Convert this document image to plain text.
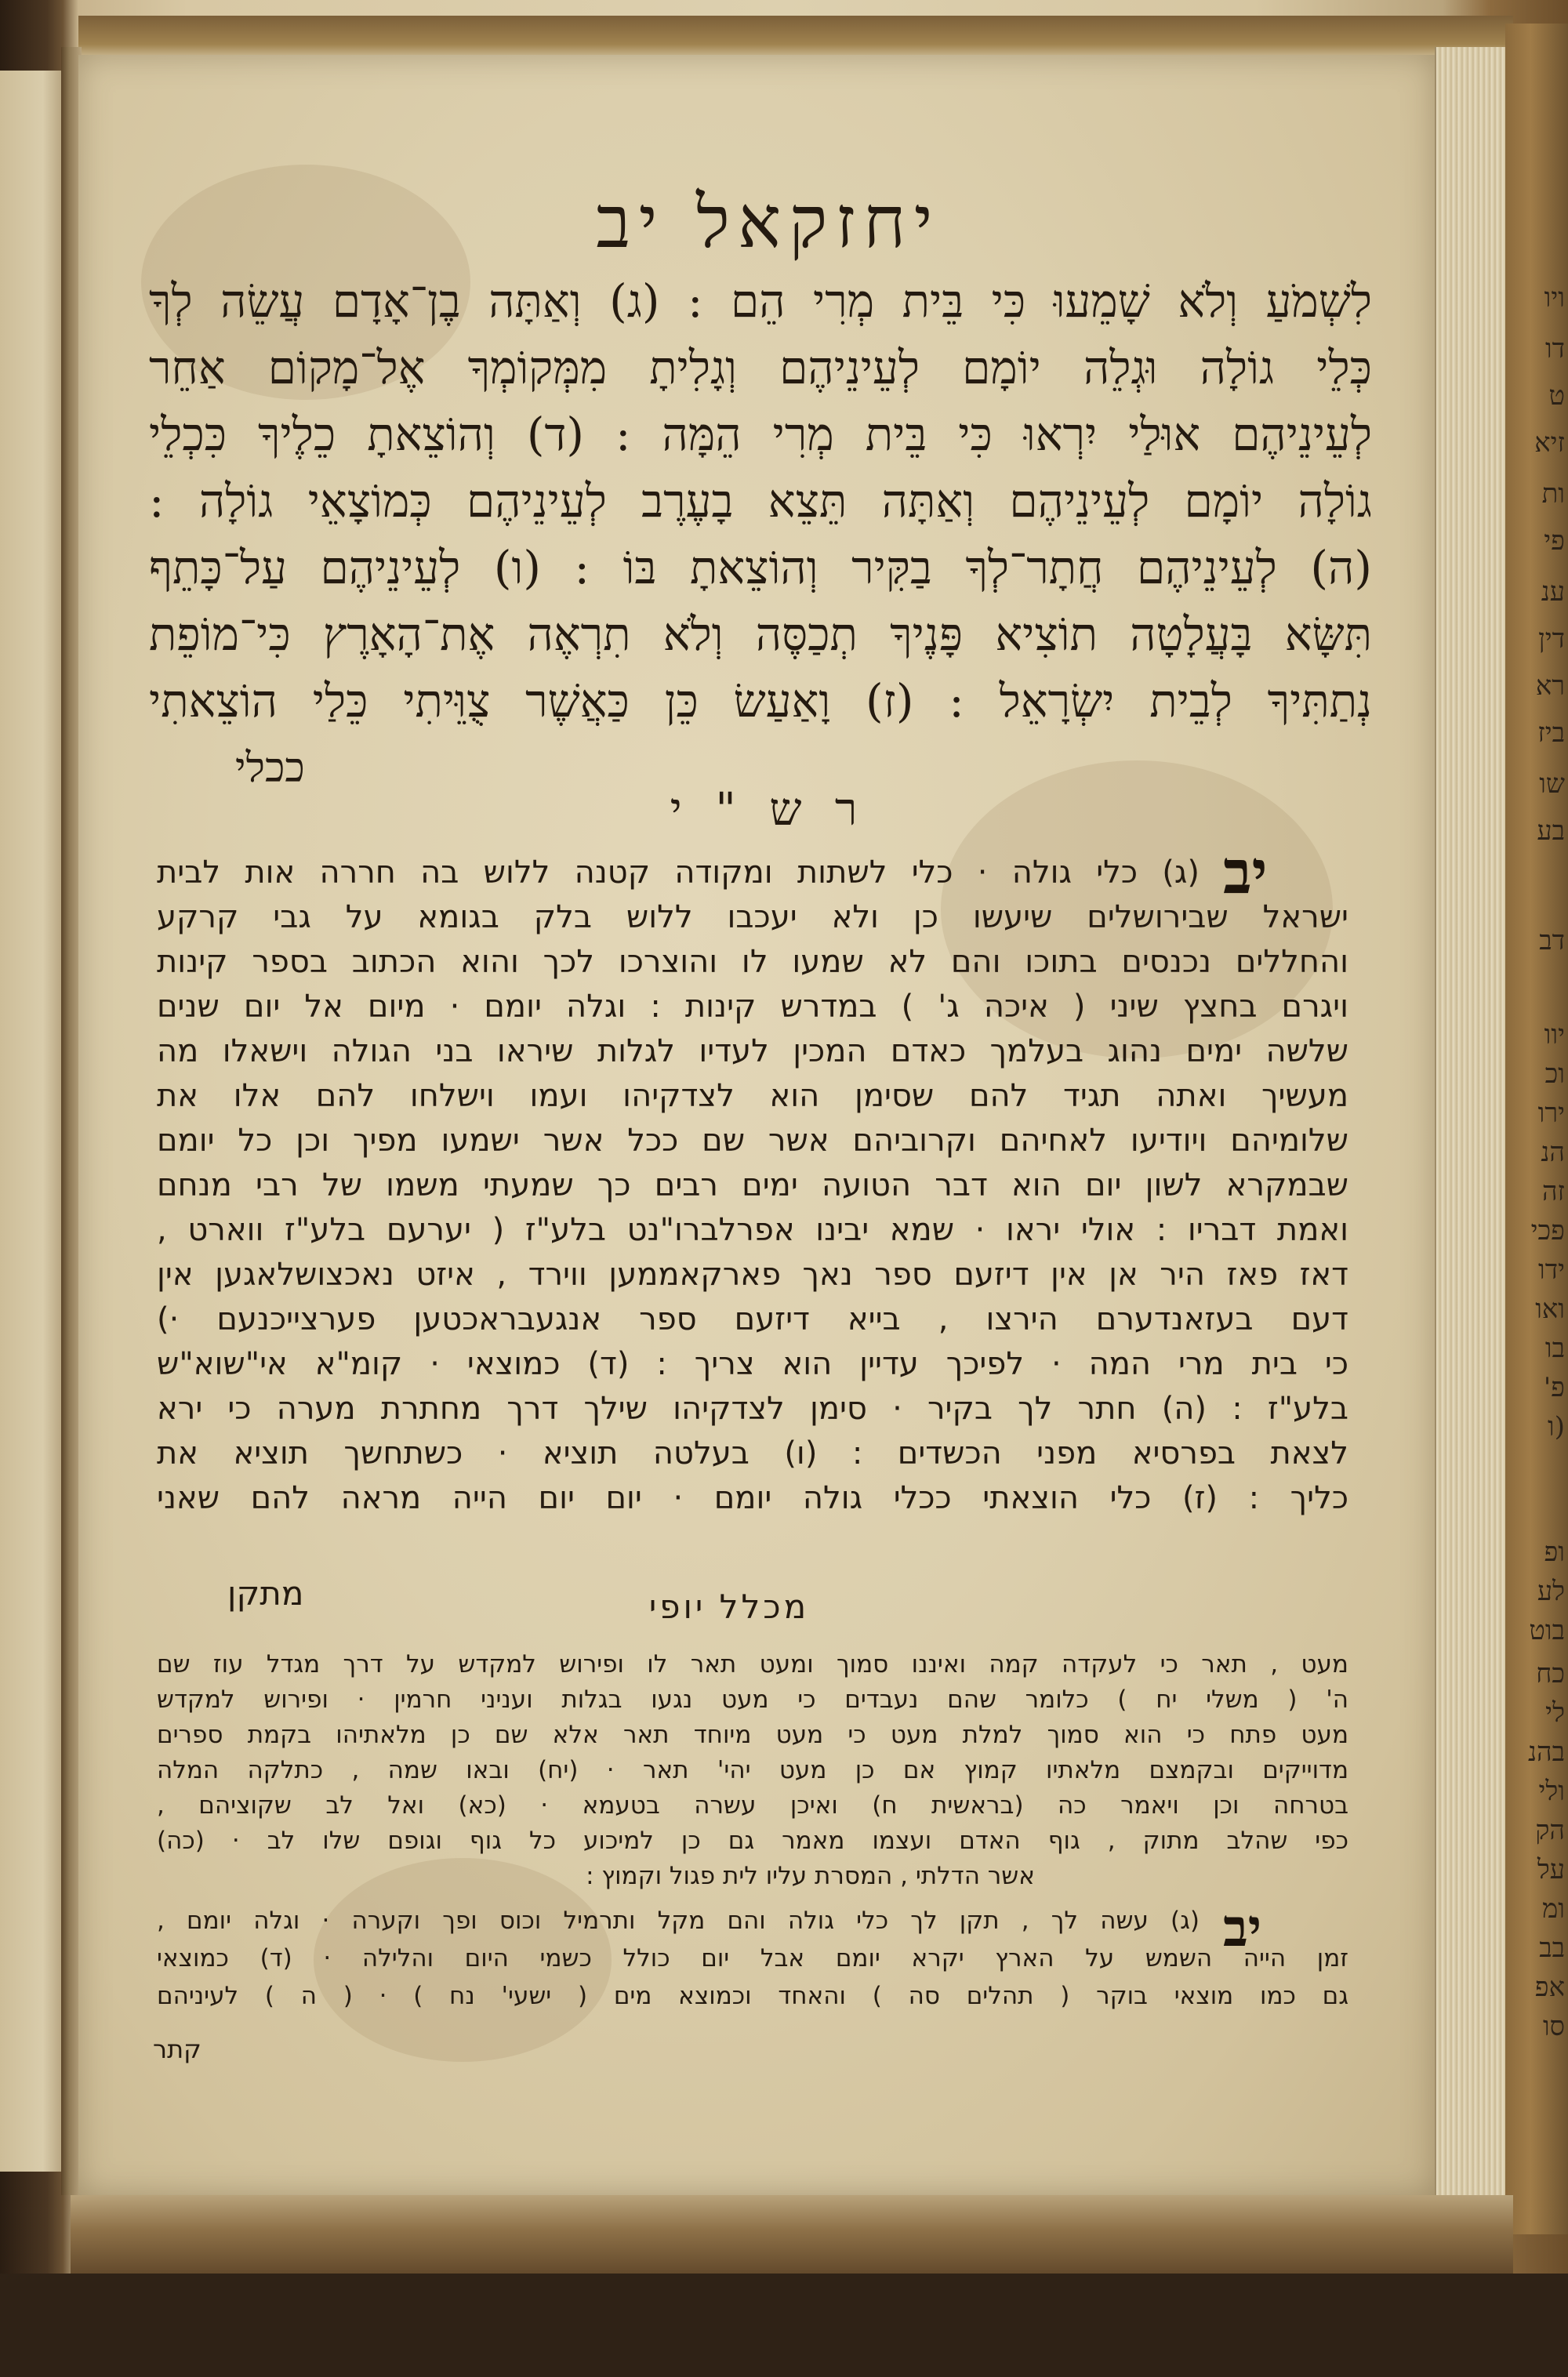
יחזקאל יב
לִשְׁמֹעַ וְלֹא שָׁמֵעוּ כִּי בֵּית מְרִי הֵם : (ג) וְאַתָּה בֶן־אָדָם עֲשֵׂה לְךָ
כְּלֵי גוֹלָה וּגְלֵה יוֹמָם לְעֵינֵיהֶם וְגָלִיתָ מִמְּקוֹמְךָ אֶל־מָקוֹם אַחֵר
לְעֵינֵיהֶם אוּלַי יִרְאוּ כִּי בֵּית מְרִי הֵמָּה : (ד) וְהוֹצֵאתָ כֵלֶיךָ כִּכְלֵי
גוֹלָה יוֹמָם לְעֵינֵיהֶם וְאַתָּה תֵּצֵא בָעֶרֶב לְעֵינֵיהֶם כְּמוֹצָאֵי גוֹלָה :
(ה) לְעֵינֵיהֶם חֲתָר־לְךָ בַקִּיר וְהוֹצֵאתָ בּוֹ : (ו) לְעֵינֵיהֶם עַל־כָּתֵף
תִּשָּׂא בָּעֲלָטָה תוֹצִיא פָּנֶיךָ תְכַסֶּה וְלֹא תִרְאֶה אֶת־הָאָרֶץ כִּי־מוֹפֵת
נְתַתִּיךָ לְבֵית יִשְׂרָאֵל : (ז) וָאַעַשׂ כֵּן כַּאֲשֶׁר צֻוֵּיתִי כֵּלַי הוֹצֵאתִי
ככלי
ר ש " י
יב
(ג) כלי גולה · כלי לשתות ומקודה קטנה ללוש בה חררה אות לבית
ישראל שבירושלים שיעשו כן ולא יעכבו ללוש בלק בגומא על גבי קרקע
והחללים נכנסים בתוכו והם לא שמעו לו והוצרכו לכך והוא הכתוב בספר קינות
ויגרם בחצץ שיני ( איכה ג' ) במדרש קינות : וגלה יומם · מיום אל יום שנים
שלשה ימים נהוג בעלמך כאדם המכין לעדיו לגלות שיראו בני הגולה וישאלו מה
מעשיך ואתה תגיד להם שסימן הוא לצדקיהו ועמו וישלחו להם אלו את
שלומיהם ויודיעו לאחיהם וקרוביהם אשר שם ככל אשר ישמעו מפיך וכן כל יומם
שבמקרא לשון יום הוא דבר הטועה ימים רבים כך שמעתי משמו של רבי מנחם
ואמת דבריו : אולי יראו · שמא יבינו אפרלברו"נט בלע"ז ( יערעם בלע"ז ווארט ,
דאז פאז היר אן אין דיזעם ספר נאך פארקאממען ווירד , איזט נאכצושלאגען אין
דעם בעזאנדערם הירצו , בייא דיזעם ספר אנגעבראכטען פערצייכנעם ·)
כי בית מרי המה · לפיכך עדיין הוא צריך : (ד) כמוצאי · קומ"א אי"שוא"ש
בלע"ז : (ה) חתר לך בקיר · סימן לצדקיהו שילך דרך מחתרת מערה כי ירא
לצאת בפרסיא מפני הכשדים : (ו) בעלטה תוציא · כשתחשך תוציא את
כליך : (ז) כלי הוצאתי ככלי גולה יומם · יום יום הייה מראה להם שאני
מתקן	מכלל יופי
מעט , תאר כי לעקדה קמה ואיננו סמוך ומעט תאר לו ופירוש למקדש על דרך מגדל עוז שם
ה' ( משלי יח ) כלומר שהם נעבדים כי מעט נגעו בגלות ועניני חרמין · ופירוש למקדש
מעט פתח כי הוא סמוך למלת מעט כי מעט מיוחד תאר אלא שם כן מלאתיהו בקמת ספרים
מדוייקים ובקמצם מלאתיו קמוץ אם כן מעט יהי' תאר · (יח) ובאו שמה , כתלקה המלה
בטרחה וכן ויאמר כה (בראשית ח) ואיכן עשרה בטעמא · (כא) ואל לב שקוציהם ,
כפי שהלב מתוק , גוף האדם ועצמו מאמר גם כן למיכוע כל גוף וגופם שלו לב · (כה)
אשר הדלתי , המסרת עליו לית פגול וקמוץ :
יב
(ג) עשה לך , תקן לך כלי גולה והם מקל ותרמיל וכוס ופך וקערה · וגלה יומם ,
זמן הייה השמש על הארץ יקרא יומם אבל יום כולל כשמי היום והלילה · (ד) כמוצאי
גם כמו מוצאי בוקר ( תהלים סה ) והאחד וכמוצא מים ( ישעי' נח ) · ( ה ) לעיניהם
קתר
ויו
דו
ט
זיא
ות
פי
ענ
דין
רא
ביז
שו
בע
דב
יוו
וכ
ירו
הנ
זה
פכי
ידו
ואו
בו
פ'
(ו
ופ
לע
בוט
כח
לי
בהנ
ולי
הק
על
ומ
בב
אפ
סו
